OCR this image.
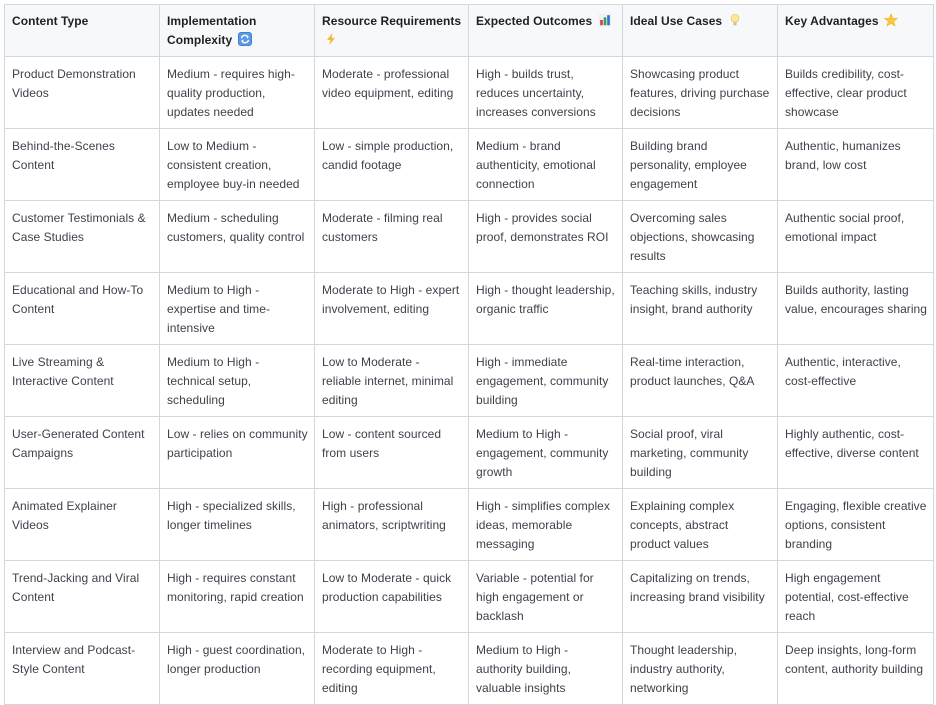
Content Type	Implementation Complexity	Resource Requirements	Expected Outcomes	Ideal Use Cases	Key Advantages
Product Demonstration Videos	Medium - requires high-quality production, updates needed	Moderate - professional video equipment, editing	High - builds trust, reduces uncertainty, increases conversions	Showcasing product features, driving purchase decisions	Builds credibility, cost-effective, clear product showcase
Behind-the-Scenes Content	Low to Medium - consistent creation, employee buy-in needed	Low - simple production, candid footage	Medium - brand authenticity, emotional connection	Building brand personality, employee engagement	Authentic, humanizes brand, low cost
Customer Testimonials & Case Studies	Medium - scheduling customers, quality control	Moderate - filming real customers	High - provides social proof, demonstrates ROI	Overcoming sales objections, showcasing results	Authentic social proof, emotional impact
Educational and How-To Content	Medium to High - expertise and time-intensive	Moderate to High - expert involvement, editing	High - thought leadership, organic traffic	Teaching skills, industry insight, brand authority	Builds authority, lasting value, encourages sharing
Live Streaming & Interactive Content	Medium to High - technical setup, scheduling	Low to Moderate - reliable internet, minimal editing	High - immediate engagement, community building	Real-time interaction, product launches, Q&A	Authentic, interactive, cost-effective
User-Generated Content Campaigns	Low - relies on community participation	Low - content sourced from users	Medium to High - engagement, community growth	Social proof, viral marketing, community building	Highly authentic, cost-effective, diverse content
Animated Explainer Videos	High - specialized skills, longer timelines	High - professional animators, scriptwriting	High - simplifies complex ideas, memorable messaging	Explaining complex concepts, abstract product values	Engaging, flexible creative options, consistent branding
Trend-Jacking and Viral Content	High - requires constant monitoring, rapid creation	Low to Moderate - quick production capabilities	Variable - potential for high engagement or backlash	Capitalizing on trends, increasing brand visibility	High engagement potential, cost-effective reach
Interview and Podcast-Style Content	High - guest coordination, longer production	Moderate to High - recording equipment, editing	Medium to High - authority building, valuable insights	Thought leadership, industry authority, networking	Deep insights, long-form content, authority building
